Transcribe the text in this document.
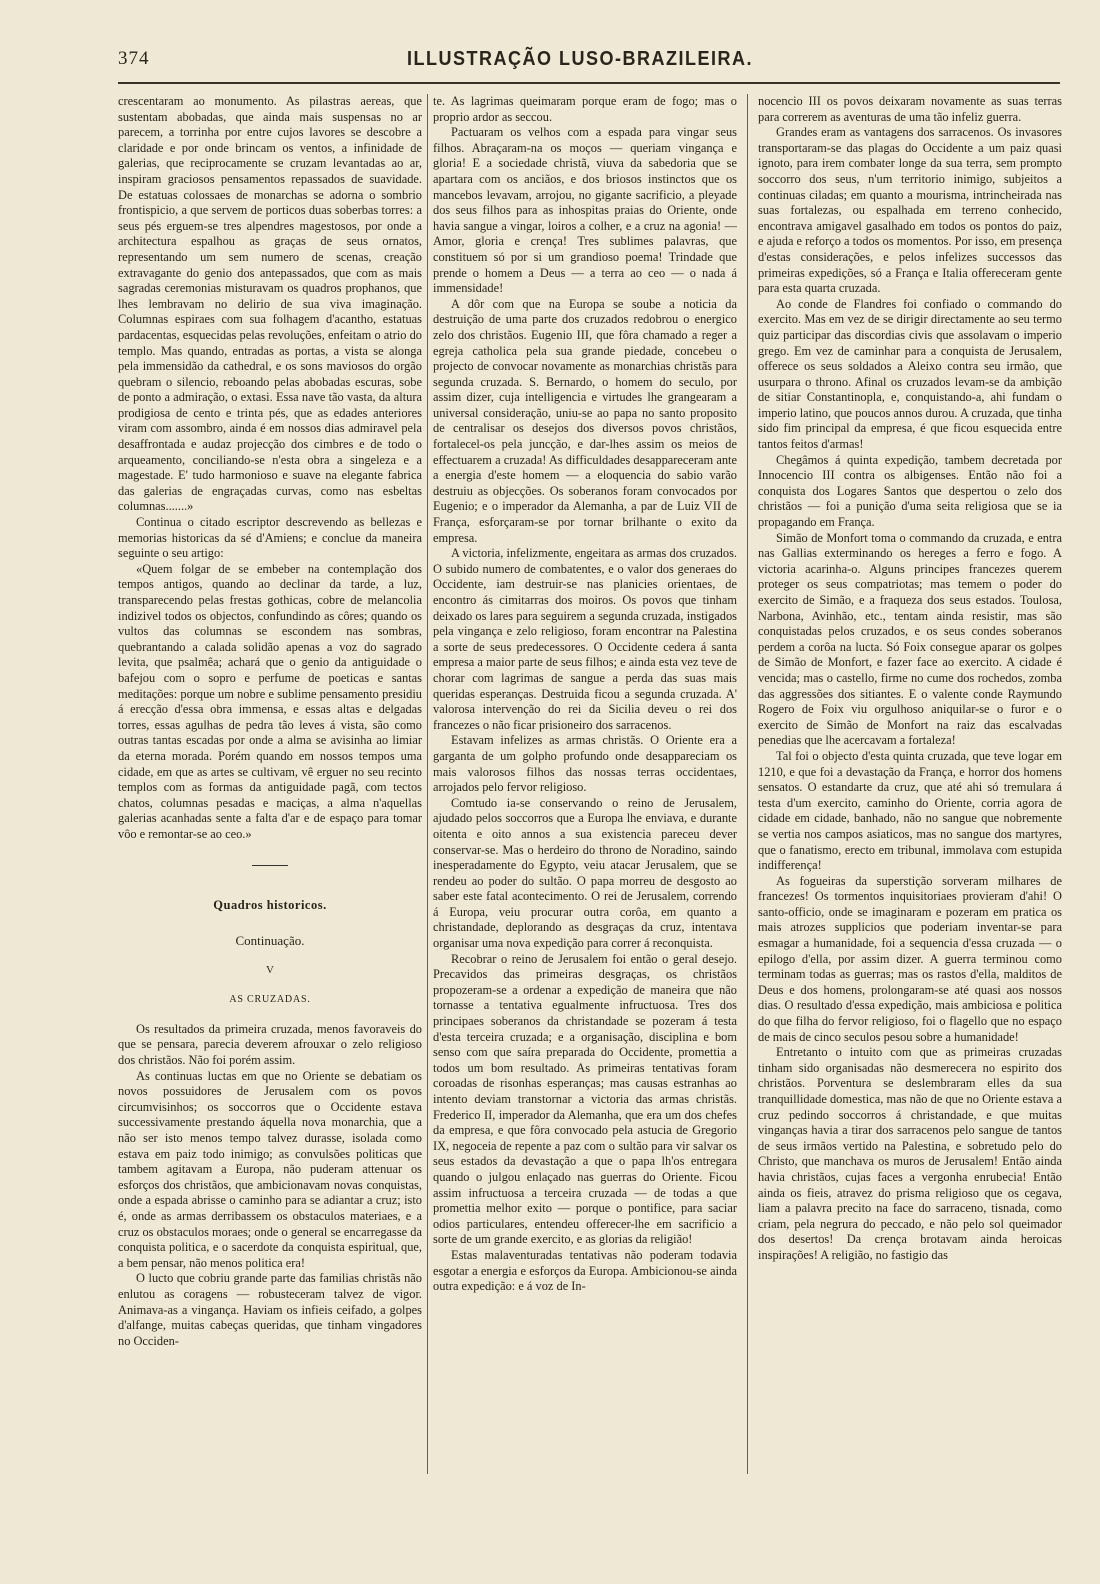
374	ILLUSTRAÇÃO LUSO-BRAZILEIRA.

crescentaram ao monumento. As pilastras aereas, que sustentam abobadas, que ainda mais suspensas no ar parecem, a torrinha por entre cujos lavores se descobre a claridade e por onde brincam os ventos, a infinidade de galerias, que reciprocamente se cruzam levantadas ao ar, inspiram graciosos pensamentos repassados de suavidade. De estatuas colossaes de monarchas se adorna o sombrio frontispicio, a que servem de porticos duas soberbas torres: a seus pés erguem-se tres alpendres magestosos, por onde a architectura espalhou as graças de seus ornatos, representando um sem numero de scenas, creação extravagante do genio dos antepassados, que com as mais sagradas ceremonias misturavam os quadros prophanos, que lhes lembravam no delirio de sua viva imaginação. Columnas espiraes com sua folhagem d'acantho, estatuas pardacentas, esquecidas pelas revoluções, enfeitam o atrio do templo. Mas quando, entradas as portas, a vista se alonga pela immensidão da cathedral, e os sons maviosos do orgão quebram o silencio, reboando pelas abobadas escuras, sobe de ponto a admiração, o extasi. Essa nave tão vasta, da altura prodigiosa de cento e trinta pés, que as edades anteriores viram com assombro, ainda é em nossos dias admiravel pela desaffrontada e audaz projecção dos cimbres e de todo o arqueamento, conciliando-se n'esta obra a singeleza e a magestade. E' tudo harmonioso e suave na elegante fabrica das galerias de engraçadas curvas, como nas esbeltas columnas.......»

Continua o citado escriptor descrevendo as bellezas e memorias historicas da sé d'Amiens; e conclue da maneira seguinte o seu artigo:

«Quem folgar de se embeber na contemplação dos tempos antigos, quando ao declinar da tarde, a luz, transparecendo pelas frestas gothicas, cobre de melancolia indizivel todos os objectos, confundindo as côres; quando os vultos das columnas se escondem nas sombras, quebrantando a calada solidão apenas a voz do sagrado levita, que psalmêa; achará que o genio da antiguidade o bafejou com o sopro e perfume de poeticas e santas meditações: porque um nobre e sublime pensamento presidiu á erecção d'essa obra immensa, e essas altas e delgadas torres, essas agulhas de pedra tão leves á vista, são como outras tantas escadas por onde a alma se avisinha ao limiar da eterna morada. Porém quando em nossos tempos uma cidade, em que as artes se cultivam, vê erguer no seu recinto templos com as formas da antiguidade pagã, com tectos chatos, columnas pesadas e maciças, a alma n'aquellas galerias acanhadas sente a falta d'ar e de espaço para tomar vôo e remontar-se ao ceo.»

Quadros historicos.
Continuação.
V
AS CRUZADAS.

Os resultados da primeira cruzada, menos favoraveis do que se pensara, parecia deverem afrouxar o zelo religioso dos christãos. Não foi porém assim.

As continuas luctas em que no Oriente se debatiam os novos possuidores de Jerusalem com os povos circumvisinhos; os soccorros que o Occidente estava successivamente prestando áquella nova monarchia, que a não ser isto menos tempo talvez durasse, isolada como estava em paiz todo inimigo; as convulsões politicas que tambem agitavam a Europa, não puderam attenuar os esforços dos christãos, que ambicionavam novas conquistas, onde a espada abrisse o caminho para se adiantar a cruz; isto é, onde as armas derribassem os obstaculos materiaes, e a cruz os obstaculos moraes; onde o general se encarregasse da conquista politica, e o sacerdote da conquista espiritual, que, a bem pensar, não menos politica era!

O lucto que cobriu grande parte das familias christãs não enlutou as coragens — robusteceram talvez de vigor. Animava-as a vingança. Haviam os infieis ceifado, a golpes d'alfange, muitas cabeças queridas, que tinham vingadores no Occiden-

te. As lagrimas queimaram porque eram de fogo; mas o proprio ardor as seccou.

Pactuaram os velhos com a espada para vingar seus filhos. Abraçaram-na os moços — queriam vingança e gloria! E a sociedade christã, viuva da sabedoria que se apartara com os anciãos, e dos briosos instinctos que os mancebos levavam, arrojou, no gigante sacrificio, a pleyade dos seus filhos para as inhospitas praias do Oriente, onde havia sangue a vingar, loiros a colher, e a cruz na agonia! — Amor, gloria e crença! Tres sublimes palavras, que constituem só por si um grandioso poema! Trindade que prende o homem a Deus — a terra ao ceo — o nada á immensidade!

A dôr com que na Europa se soube a noticia da destruição de uma parte dos cruzados redobrou o energico zelo dos christãos. Eugenio III, que fôra chamado a reger a egreja catholica pela sua grande piedade, concebeu o projecto de convocar novamente as monarchias christãs para segunda cruzada. S. Bernardo, o homem do seculo, por assim dizer, cuja intelligencia e virtudes lhe grangearam a universal consideração, uniu-se ao papa no santo proposito de centralisar os desejos dos diversos povos christãos, fortalecel-os pela juncção, e dar-lhes assim os meios de effectuarem a cruzada! As difficuldades desappareceram ante a energia d'este homem — a eloquencia do sabio varão destruiu as objecções. Os soberanos foram convocados por Eugenio; e o imperador da Alemanha, a par de Luiz VII de França, esforçaram-se por tornar brilhante o exito da empresa.

A victoria, infelizmente, engeitara as armas dos cruzados. O subido numero de combatentes, e o valor dos generaes do Occidente, iam destruir-se nas planicies orientaes, de encontro ás cimitarras dos moiros. Os povos que tinham deixado os lares para seguirem a segunda cruzada, instigados pela vingança e zelo religioso, foram encontrar na Palestina a sorte de seus predecessores. O Occidente cedera á santa empresa a maior parte de seus filhos; e ainda esta vez teve de chorar com lagrimas de sangue a perda das suas mais queridas esperanças. Destruida ficou a segunda cruzada. A' valorosa intervenção do rei da Sicilia deveu o rei dos francezes o não ficar prisioneiro dos sarracenos.

Estavam infelizes as armas christãs. O Oriente era a garganta de um golpho profundo onde desappareciam os mais valorosos filhos das nossas terras occidentaes, arrojados pelo fervor religioso.

Comtudo ia-se conservando o reino de Jerusalem, ajudado pelos soccorros que a Europa lhe enviava, e durante oitenta e oito annos a sua existencia pareceu dever conservar-se. Mas o herdeiro do throno de Noradino, saindo inesperadamente do Egypto, veiu atacar Jerusalem, que se rendeu ao poder do sultão. O papa morreu de desgosto ao saber este fatal acontecimento. O rei de Jerusalem, correndo á Europa, veiu procurar outra corôa, em quanto a christandade, deplorando as desgraças da cruz, intentava organisar uma nova expedição para correr á reconquista.

Recobrar o reino de Jerusalem foi então o geral desejo. Precavidos das primeiras desgraças, os christãos propozeram-se a ordenar a expedição de maneira que não tornasse a tentativa egualmente infructuosa. Tres dos principaes soberanos da christandade se pozeram á testa d'esta terceira cruzada; e a organisação, disciplina e bom senso com que saíra preparada do Occidente, promettia a todos um bom resultado. As primeiras tentativas foram coroadas de risonhas esperanças; mas causas estranhas ao intento deviam transtornar a victoria das armas christãs. Frederico II, imperador da Alemanha, que era um dos chefes da empresa, e que fôra convocado pela astucia de Gregorio IX, negoceia de repente a paz com o sultão para vir salvar os seus estados da devastação a que o papa lh'os entregara quando o julgou enlaçado nas guerras do Oriente. Ficou assim infructuosa a terceira cruzada — de todas a que promettia melhor exito — porque o pontifice, para saciar odios particulares, entendeu offerecer-lhe em sacrificio a sorte de um grande exercito, e as glorias da religião!

Estas malaventuradas tentativas não poderam todavia esgotar a energia e esforços da Europa. Ambicionou-se ainda outra expedição: e á voz de In-

nocencio III os povos deixaram novamente as suas terras para correrem as aventuras de uma tão infeliz guerra.

Grandes eram as vantagens dos sarracenos. Os invasores transportaram-se das plagas do Occidente a um paiz quasi ignoto, para irem combater longe da sua terra, sem prompto soccorro dos seus, n'um territorio inimigo, subjeitos a continuas ciladas; em quanto a mourisma, intrincheirada nas suas fortalezas, ou espalhada em terreno conhecido, encontrava amigavel gasalhado em todos os pontos do paiz, e ajuda e reforço a todos os momentos. Por isso, em presença d'estas considerações, e pelos infelizes successos das primeiras expedições, só a França e Italia offereceram gente para esta quarta cruzada.

Ao conde de Flandres foi confiado o commando do exercito. Mas em vez de se dirigir directamente ao seu termo quiz participar das discordias civis que assolavam o imperio grego. Em vez de caminhar para a conquista de Jerusalem, offerece os seus soldados a Aleixo contra seu irmão, que usurpara o throno. Afinal os cruzados levam-se da ambição de sitiar Constantinopla, e, conquistando-a, ahi fundam o imperio latino, que poucos annos durou. A cruzada, que tinha sido fim principal da empresa, é que ficou esquecida entre tantos feitos d'armas!

Chegâmos á quinta expedição, tambem decretada por Innocencio III contra os albigenses. Então não foi a conquista dos Logares Santos que despertou o zelo dos christãos — foi a punição d'uma seita religiosa que se ia propagando em França.

Simão de Monfort toma o commando da cruzada, e entra nas Gallias exterminando os hereges a ferro e fogo. A victoria acarinha-o. Alguns principes francezes querem proteger os seus compatriotas; mas temem o poder do exercito de Simão, e a fraqueza dos seus estados. Toulosa, Narbona, Avinhão, etc., tentam ainda resistir, mas são conquistadas pelos cruzados, e os seus condes soberanos perdem a corôa na lucta. Só Foix consegue aparar os golpes de Simão de Monfort, e fazer face ao exercito. A cidade é vencida; mas o castello, firme no cume dos rochedos, zomba das aggressões dos sitiantes. E o valente conde Raymundo Rogero de Foix viu orgulhoso aniquilar-se o furor e o exercito de Simão de Monfort na raiz das escalvadas penedias que lhe acercavam a fortaleza!

Tal foi o objecto d'esta quinta cruzada, que teve logar em 1210, e que foi a devastação da França, e horror dos homens sensatos. O estandarte da cruz, que até ahi só tremulara á testa d'um exercito, caminho do Oriente, corria agora de cidade em cidade, banhado, não no sangue que nobremente se vertia nos campos asiaticos, mas no sangue dos martyres, que o fanatismo, erecto em tribunal, immolava com estupida indifferença!

As fogueiras da superstição sorveram milhares de francezes! Os tormentos inquisitoriaes provieram d'ahi! O santo-officio, onde se imaginaram e pozeram em pratica os mais atrozes supplicios que poderiam inventar-se para esmagar a humanidade, foi a sequencia d'essa cruzada — o epilogo d'ella, por assim dizer. A guerra terminou como terminam todas as guerras; mas os rastos d'ella, malditos de Deus e dos homens, prolongaram-se até quasi aos nossos dias. O resultado d'essa expedição, mais ambiciosa e politica do que filha do fervor religioso, foi o flagello que no espaço de mais de cinco seculos pesou sobre a humanidade!

Entretanto o intuito com que as primeiras cruzadas tinham sido organisadas não desmerecera no espirito dos christãos. Porventura se deslembraram elles da sua tranquillidade domestica, mas não de que no Oriente estava a cruz pedindo soccorros á christandade, e que muitas vinganças havia a tirar dos sarracenos pelo sangue de tantos de seus irmãos vertido na Palestina, e sobretudo pelo do Christo, que manchava os muros de Jerusalem! Então ainda havia christãos, cujas faces a vergonha enrubecia! Então ainda os fieis, atravez do prisma religioso que os cegava, liam a palavra precito na face do sarraceno, tisnada, como criam, pela negrura do peccado, e não pelo sol queimador dos desertos! Da crença brotavam ainda heroicas inspirações! A religião, no fastigio das
